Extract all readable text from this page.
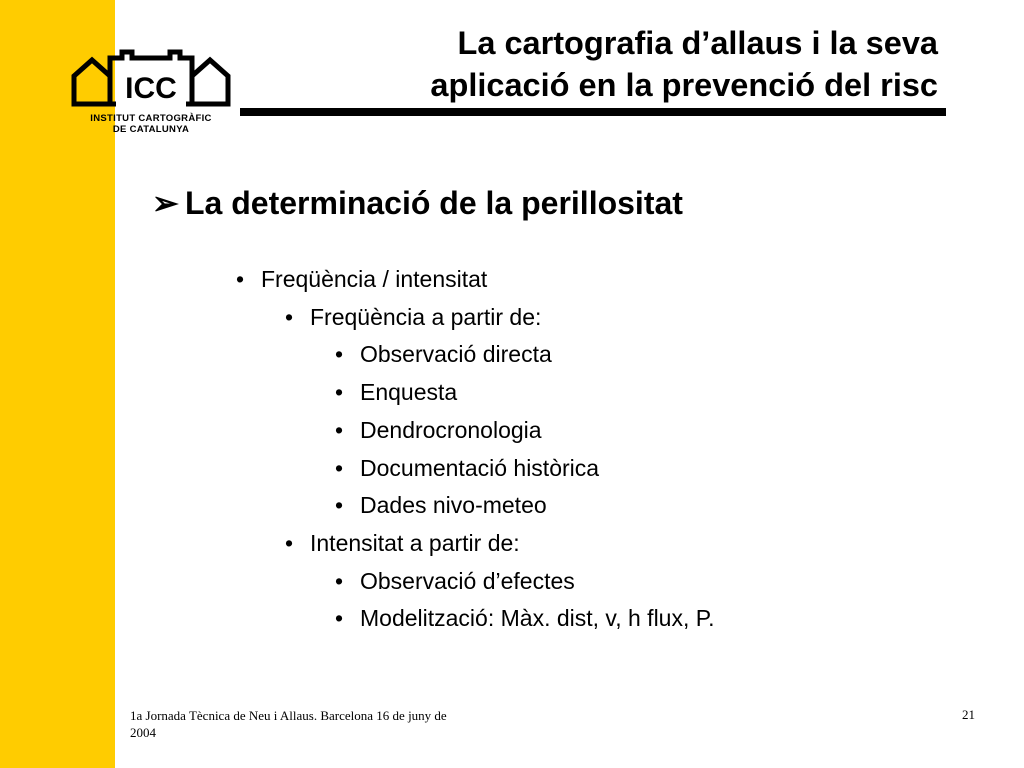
ICC
INSTITUT CARTOGRÀFIC
DE CATALUNYA
La cartografia d’allaus i la seva
aplicació en la prevenció del risc
➢ La determinació de la perillositat
• Freqüència / intensitat
• Freqüència a partir de:
• Observació directa
• Enquesta
• Dendrocronologia
• Documentació històrica
• Dades nivo-meteo
• Intensitat a partir de:
• Observació d’efectes
• Modelització: Màx. dist, v, h flux, P.
1a Jornada Tècnica de Neu i Allaus. Barcelona 16 de juny de 2004
21
